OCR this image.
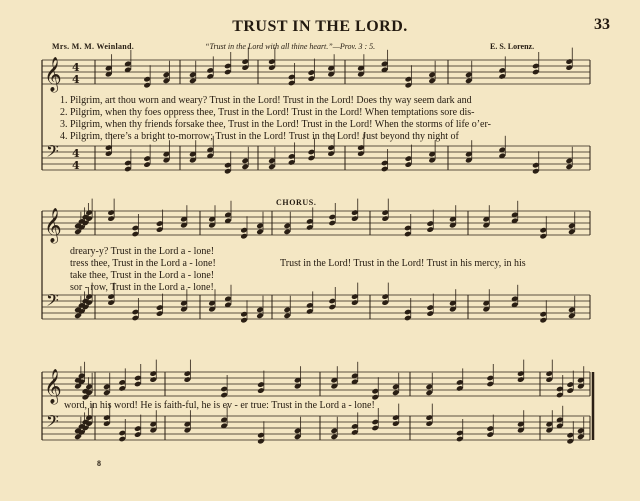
𝄞
𝄢
4
4
4
4
𝄞
𝄢
𝄞
𝄢
TRUST IN THE LORD.	33
Mrs. M. M. Weinland.	“Trust in the Lord with all thine heart.”—Prov. 3 : 5.	E. S. Lorenz.
1. Pilgrim, art thou worn and weary? Trust in the Lord! Trust in the Lord! Does thy way seem dark and
2. Pilgrim, when thy foes oppress thee, Trust in the Lord! Trust in the Lord! When temptations sore dis-
3. Pilgrim, when thy friends forsake thee, Trust in the Lord! Trust in the Lord! When the storms of life o’er-
4. Pilgrim, there’s a bright to-morrow; Trust in the Lord! Trust in the Lord! Just beyond thy night of
CHORUS.
dreary-y? Trust in the Lord a - lone!
tress thee, Trust in the Lord a - lone!
take thee, Trust in the Lord a - lone!
sor - row, Trust in the Lord a - lone!
Trust in the Lord! Trust in the Lord! Trust in his mercy, in his
word, in his word! He is faith-ful, he is ev - er true: Trust in the Lord a - lone!
8
